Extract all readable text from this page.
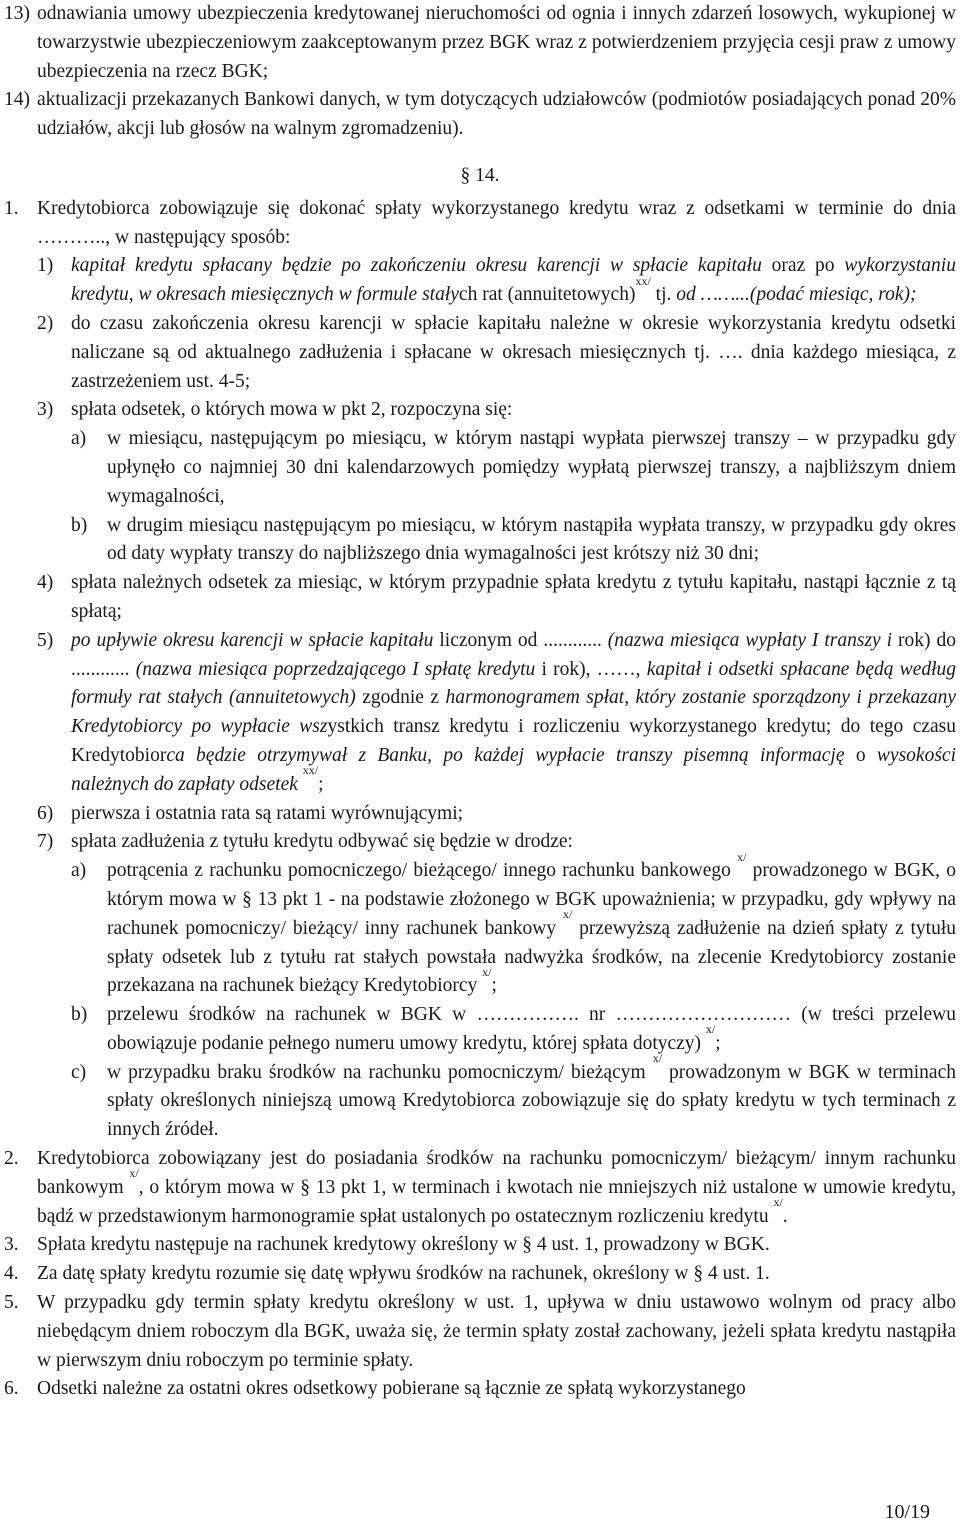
13) odnawiania umowy ubezpieczenia kredytowanej nieruchomości od ognia i innych zdarzeń losowych, wykupionej w towarzystwie ubezpieczeniowym zaakceptowanym przez BGK wraz z potwierdzeniem przyjęcia cesji praw z umowy ubezpieczenia na rzecz BGK;
14) aktualizacji przekazanych Bankowi danych, w tym dotyczących udziałowców (podmiotów posiadających ponad 20% udziałów, akcji lub głosów na walnym zgromadzeniu).
§ 14.
1. Kredytobiorca zobowiązuje się dokonać spłaty wykorzystanego kredytu wraz z odsetkami w terminie do dnia ……….., w następujący sposób:
1) kapitał kredytu spłacany będzie po zakończeniu okresu karencji w spłacie kapitału oraz po wykorzystaniu kredytu, w okresach miesięcznych w formule stałych rat (annuitetowych)$^{xx/}$ tj. od ……...(podać miesiąc, rok);
2) do czasu zakończenia okresu karencji w spłacie kapitału należne w okresie wykorzystania kredytu odsetki naliczane są od aktualnego zadłużenia i spłacane w okresach miesięcznych tj. …. dnia każdego miesiąca, z zastrzeżeniem ust. 4-5;
3) spłata odsetek, o których mowa w pkt 2, rozpoczyna się:
a)	w miesiącu, następującym po miesiącu, w którym nastąpi wypłata pierwszej transzy – w przypadku gdy upłynęło co najmniej 30 dni kalendarzowych pomiędzy wypłatą pierwszej transzy, a najbliższym dniem wymagalności,
b)	w drugim miesiącu następującym po miesiącu, w którym nastąpiła wypłata transzy, w przypadku gdy okres od daty wypłaty transzy do najbliższego dnia wymagalności jest krótszy niż 30 dni;
4) spłata należnych odsetek za miesiąc, w którym przypadnie spłata kredytu z tytułu kapitału, nastąpi łącznie z tą spłatą;
5) po upływie okresu karencji w spłacie kapitału liczonym od ............ (nazwa miesiąca wypłaty I transzy i rok) do ............ (nazwa miesiąca poprzedzającego I spłatę kredytu i rok), ……, kapitał i odsetki spłacane będą według formuły rat stałych (annuitetowych) zgodnie z harmonogramem spłat, który zostanie sporządzony i przekazany Kredytobiorcy po wypłacie wszystkich transz kredytu i rozliczeniu wykorzystanego kredytu; do tego czasu Kredytobiorca będzie otrzymywał z Banku, po każdej wypłacie transzy pisemną informację o wysokości należnych do zapłaty odsetek $^{xx/}$;
6) pierwsza i ostatnia rata są ratami wyrównującymi;
7) spłata zadłużenia z tytułu kredytu odbywać się będzie w drodze:
a)	potrącenia z rachunku pomocniczego/ bieżącego/ innego rachunku bankowego $^{x/}$ prowadzonego w BGK, o którym mowa w § 13 pkt 1 - na podstawie złożonego w BGK upoważnienia; w przypadku, gdy wpływy na rachunek pomocniczy/ bieżący/ inny rachunek bankowy $^{x/}$ przewyższą zadłużenie na dzień spłaty z tytułu spłaty odsetek lub z tytułu rat stałych powstała nadwyżka środków, na zlecenie Kredytobiorcy zostanie przekazana na rachunek bieżący Kredytobiorcy $^{x/}$;
b)	przelewu środków na rachunek w BGK w ……………. nr ……………………… (w treści przelewu obowiązuje podanie pełnego numeru umowy kredytu, której spłata dotyczy) $^{x/}$;
c)	w przypadku braku środków na rachunku pomocniczym/ bieżącym $^{x/}$ prowadzonym w BGK w terminach spłaty określonych niniejszą umową Kredytobiorca zobowiązuje się do spłaty kredytu w tych terminach z innych źródeł.
2. Kredytobiorca zobowiązany jest do posiadania środków na rachunku pomocniczym/ bieżącym/ innym rachunku bankowym $^{x/}$, o którym mowa w § 13 pkt 1, w terminach i kwotach nie mniejszych niż ustalone w umowie kredytu, bądź w przedstawionym harmonogramie spłat ustalonych po ostatecznym rozliczeniu kredytu $^{x/}$.
3. Spłata kredytu następuje na rachunek kredytowy określony w § 4 ust. 1, prowadzony w BGK.
4. Za datę spłaty kredytu rozumie się datę wpływu środków na rachunek, określony w § 4 ust. 1.
5. W przypadku gdy termin spłaty kredytu określony w ust. 1, upływa w dniu ustawowo wolnym od pracy albo niebędącym dniem roboczym dla BGK, uważa się, że termin spłaty został zachowany, jeżeli spłata kredytu nastąpiła w pierwszym dniu roboczym po terminie spłaty.
6. Odsetki należne za ostatni okres odsetkowy pobierane są łącznie ze spłatą wykorzystanego
10/19
